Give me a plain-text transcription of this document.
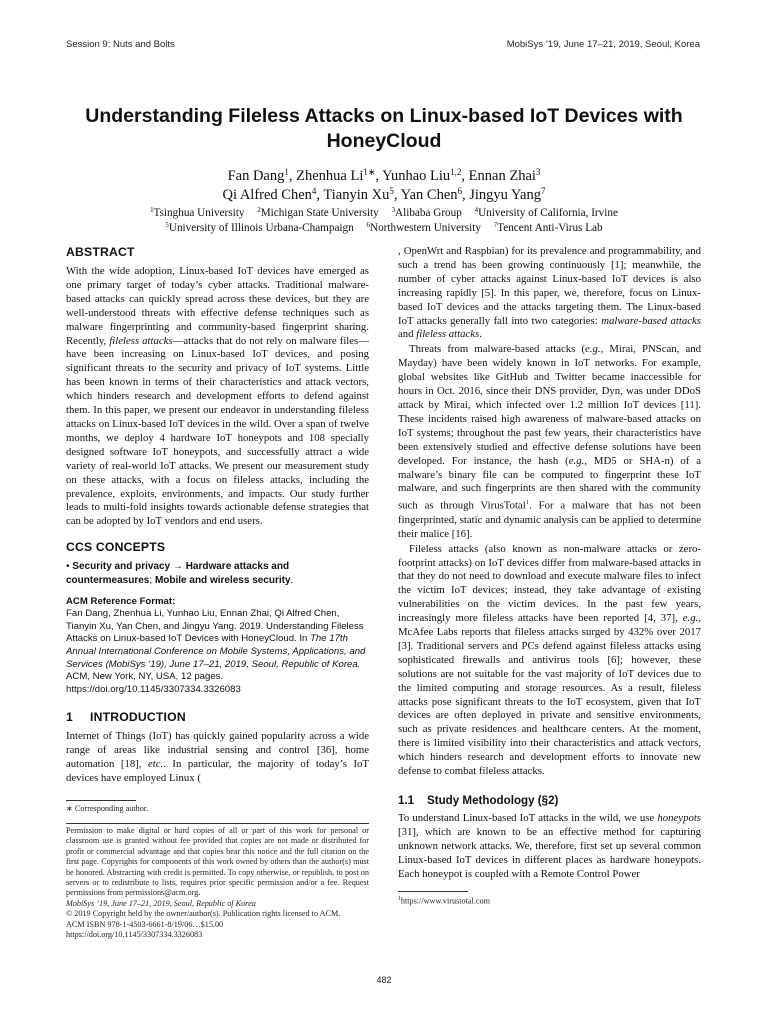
Session 9: Nuts and Bolts	MobiSys ’19, June 17–21, 2019, Seoul, Korea
Understanding Fileless Attacks on Linux-based IoT Devices with HoneyCloud
Fan Dang$^1$, Zhenhua $Li^{1∗}$, Yunhao Liu$^{1,2}$, Ennan Zhai$^3$
Qi Alfred Chen$^4$, Tianyin Xu$^5$, Yan Chen$^6$, Jingyu Yang$^7$
$^1$Tsinghua University $^2$Michigan State University $^3$Alibaba Group $^4$University of California, Irvine
$^5$University of Illinois Urbana-Champaign $^6$Northwestern University $^7$Tencent Anti-Virus Lab
ABSTRACT

With the wide adoption, Linux-based IoT devices have emerged as one primary target of today’s cyber attacks. Traditional malware-based attacks can quickly spread across these devices, but they are well-understood threats with effective defense techniques such as malware fingerprinting and community-based fingerprint sharing. Recently, fileless attacks—attacks that do not rely on malware files—have been increasing on Linux-based IoT devices, and posing significant threats to the security and privacy of IoT systems. Little has been known in terms of their characteristics and attack vectors, which hinders research and development efforts to defend against them. In this paper, we present our endeavor in understanding fileless attacks on Linux-based IoT devices in the wild. Over a span of twelve months, we deploy 4 hardware IoT honeypots and 108 specially designed software IoT honeypots, and successfully attract a wide variety of real-world IoT attacks. We present our measurement study on these attacks, with a focus on fileless attacks, including the prevalence, exploits, environments, and impacts. Our study further leads to multi-fold insights towards actionable defense strategies that can be adopted by IoT vendors and end users.

CCS CONCEPTS
• Security and privacy → Hardware attacks and countermeasures; Mobile and wireless security.
ACM Reference Format:
Fan Dang, Zhenhua Li, Yunhao Liu, Ennan Zhai, Qi Alfred Chen, Tianyin Xu, Yan Chen, and Jingyu Yang. 2019. Understanding Fileless Attacks on Linux-based IoT Devices with HoneyCloud. In The 17th Annual International Conference on Mobile Systems, Applications, and Services (MobiSys ’19), June 17–21, 2019, Seoul, Republic of Korea. ACM, New York, NY, USA, 12 pages. https://doi.org/10.1145/3307334.3326083
1 INTRODUCTION

Internet of Things (IoT) has quickly gained popularity across a wide range of areas like industrial sensing and control [36], home automation [18], etc.. In particular, the majority of today’s IoT devices have employed Linux (

∗ Corresponding author.
Permission to make digital or hard copies of all or part of this work for personal or classroom use is granted without fee provided that copies are not made or distributed for profit or commercial advantage and that copies bear this notice and the full citation on the first page. Copyrights for components of this work owned by others than the author(s) must be honored. Abstracting with credit is permitted. To copy otherwise, or republish, to post on servers or to redistribute to lists, requires prior specific permission and/or a fee. Request permissions from permissions@acm.org.
MobiSys ’19, June 17–21, 2019, Seoul, Republic of Korea
© 2019 Copyright held by the owner/author(s). Publication rights licensed to ACM.
ACM ISBN 978-1-4503-6661-8/19/06…$15.00
https://doi.org/10.1145/3307334.3326083

, OpenWrt and Raspbian) for its prevalence and programmability, and such a trend has been growing continuously [1]; meanwhile, the number of cyber attacks against Linux-based IoT devices is also increasing rapidly [5]. In this paper, we, therefore, focus on Linux-based IoT devices and the attacks targeting them. The Linux-based IoT attacks generally fall into two categories: malware-based attacks and fileless attacks.

Threats from malware-based attacks (e.g., Mirai, PNScan, and Mayday) have been widely known in IoT networks. For example, global websites like GitHub and Twitter became inaccessible for hours in Oct. 2016, since their DNS provider, Dyn, was under DDoS attack by Mirai, which infected over 1.2 million IoT devices [11]. These incidents raised high awareness of malware-based attacks on IoT systems; throughout the past few years, their characteristics have been extensively studied and effective defense solutions have been developed. For instance, the hash (e.g., MD5 or SHA-n) of a malware’s binary file can be computed to fingerprint these IoT malware, and such fingerprints are then shared with the community such as through VirusTotal$^1$. For a malware that has not been fingerprinted, static and dynamic analysis can be applied to determine their malice [16].

Fileless attacks (also known as non-malware attacks or zero-footprint attacks) on IoT devices differ from malware-based attacks in that they do not need to download and execute malware files to infect the victim IoT devices; instead, they take advantage of existing vulnerabilities on the victim devices. In the past few years, increasingly more fileless attacks have been reported [4, 37], e.g., McAfee Labs reports that fileless attacks surged by 432% over 2017 [3]. Traditional servers and PCs defend against fileless attacks using sophisticated firewalls and antivirus tools [6]; however, these solutions are not suitable for the vast majority of IoT devices due to the limited computing and storage resources. As a result, fileless attacks pose significant threats to the IoT ecosystem, given that IoT devices are often deployed in private and sensitive environments, such as private residences and healthcare centers. At the moment, there is limited visibility into their characteristics and attack vectors, which hinders research and development efforts to innovate new defense to combat fileless attacks.

1.1 Study Methodology (§2)

To understand Linux-based IoT attacks in the wild, we use honeypots [31], which are known to be an effective method for capturing unknown network attacks. We, therefore, first set up several common Linux-based IoT devices in different places as hardware honeypots. Each honeypot is coupled with a Remote Control Power

$^1$https://www.virustotal.com
482
